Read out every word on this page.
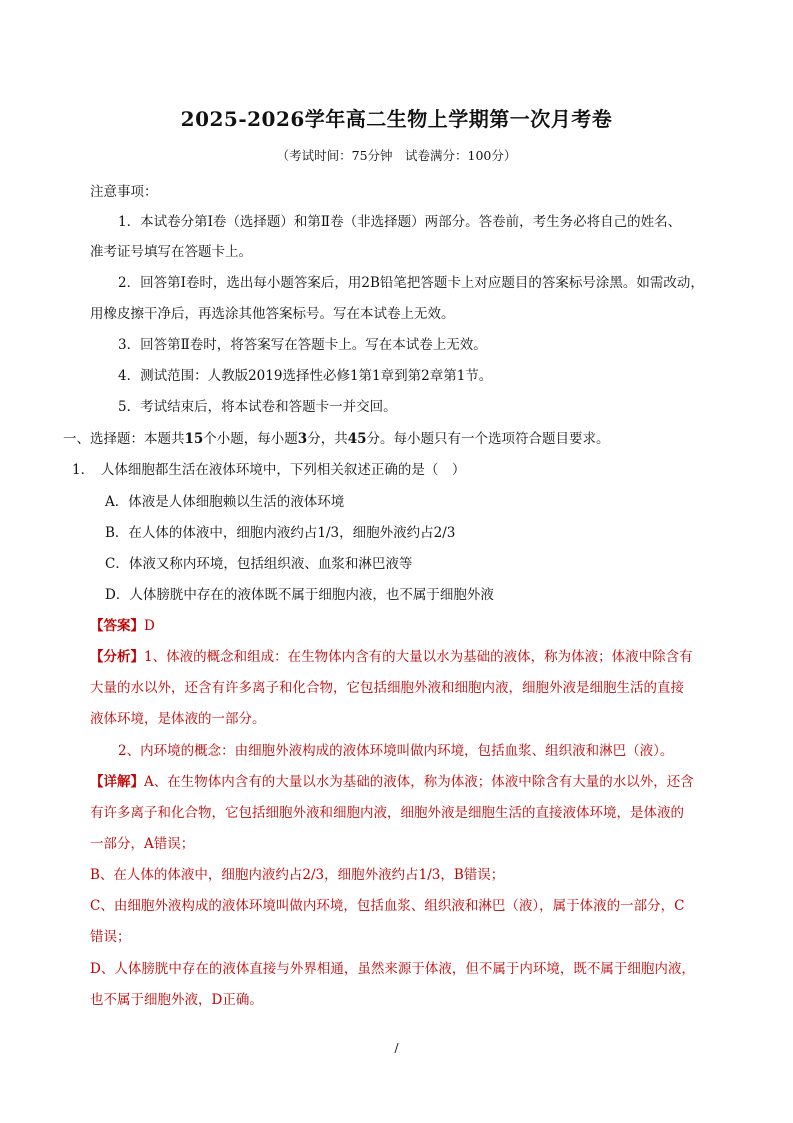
2025-2026学年高二生物上学期第一次月考卷
（考试时间：75分钟　试卷满分：100分）
注意事项：
1．本试卷分第Ⅰ卷（选择题）和第Ⅱ卷（非选择题）两部分。答卷前，考生务必将自己的姓名、
准考证号填写在答题卡上。
2．回答第Ⅰ卷时，选出每小题答案后，用2B铅笔把答题卡上对应题目的答案标号涂黑。如需改动，
用橡皮擦干净后，再选涂其他答案标号。写在本试卷上无效。
3．回答第Ⅱ卷时，将答案写在答题卡上。写在本试卷上无效。
4．测试范围：人教版2019选择性必修1第1章到第2章第1节。
5．考试结束后，将本试卷和答题卡一并交回。
一、选择题：本题共15个小题，每小题3分，共45分。每小题只有一个选项符合题目要求。
1．　人体细胞都生活在液体环境中，下列相关叙述正确的是（　）
A．体液是人体细胞赖以生活的液体环境
B．在人体的体液中，细胞内液约占1/3，细胞外液约占2/3
C．体液又称内环境，包括组织液、血浆和淋巴液等
D．人体膀胱中存在的液体既不属于细胞内液，也不属于细胞外液
【答案】D
【分析】1、体液的概念和组成：在生物体内含有的大量以水为基础的液体，称为体液；体液中除含有
大量的水以外，还含有许多离子和化合物，它包括细胞外液和细胞内液，细胞外液是细胞生活的直接
液体环境，是体液的一部分。
2、内环境的概念：由细胞外液构成的液体环境叫做内环境，包括血浆、组织液和淋巴（液）。
【详解】A、在生物体内含有的大量以水为基础的液体，称为体液；体液中除含有大量的水以外，还含
有许多离子和化合物，它包括细胞外液和细胞内液，细胞外液是细胞生活的直接液体环境，是体液的
一部分，A错误；
B、在人体的体液中，细胞内液约占2/3，细胞外液约占1/3，B错误；
C、由细胞外液构成的液体环境叫做内环境，包括血浆、组织液和淋巴（液），属于体液的一部分，C
错误；
D、人体膀胱中存在的液体直接与外界相通，虽然来源于体液，但不属于内环境，既不属于细胞内液，
也不属于细胞外液，D正确。
/
